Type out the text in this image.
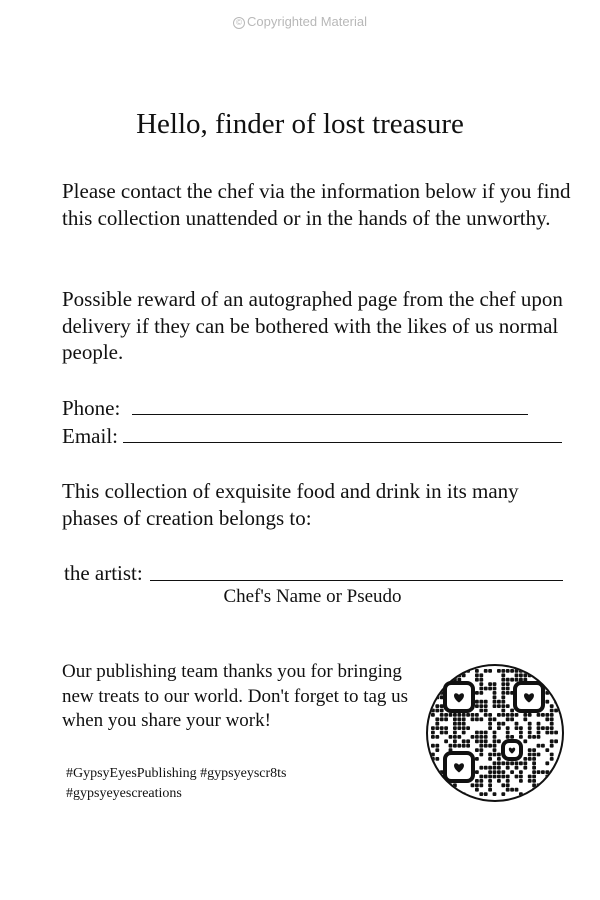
© Copyrighted Material
Hello, finder of lost treasure
Please contact the chef via the information below if you find this collection unattended or in the hands of the unworthy.
Possible reward of an autographed page from the chef upon delivery if they can be bothered with the likes of us normal people.
Phone:
Email:
This collection of exquisite food and drink in its many phases of creation belongs to:
the artist:
Chef's Name or Pseudo
Our publishing team thanks you for bringing new treats to our world. Don't forget to tag us when you share your work!
#GypsyEyesPublishing #gypsyeyscr8ts
#gypsyeyescreations
